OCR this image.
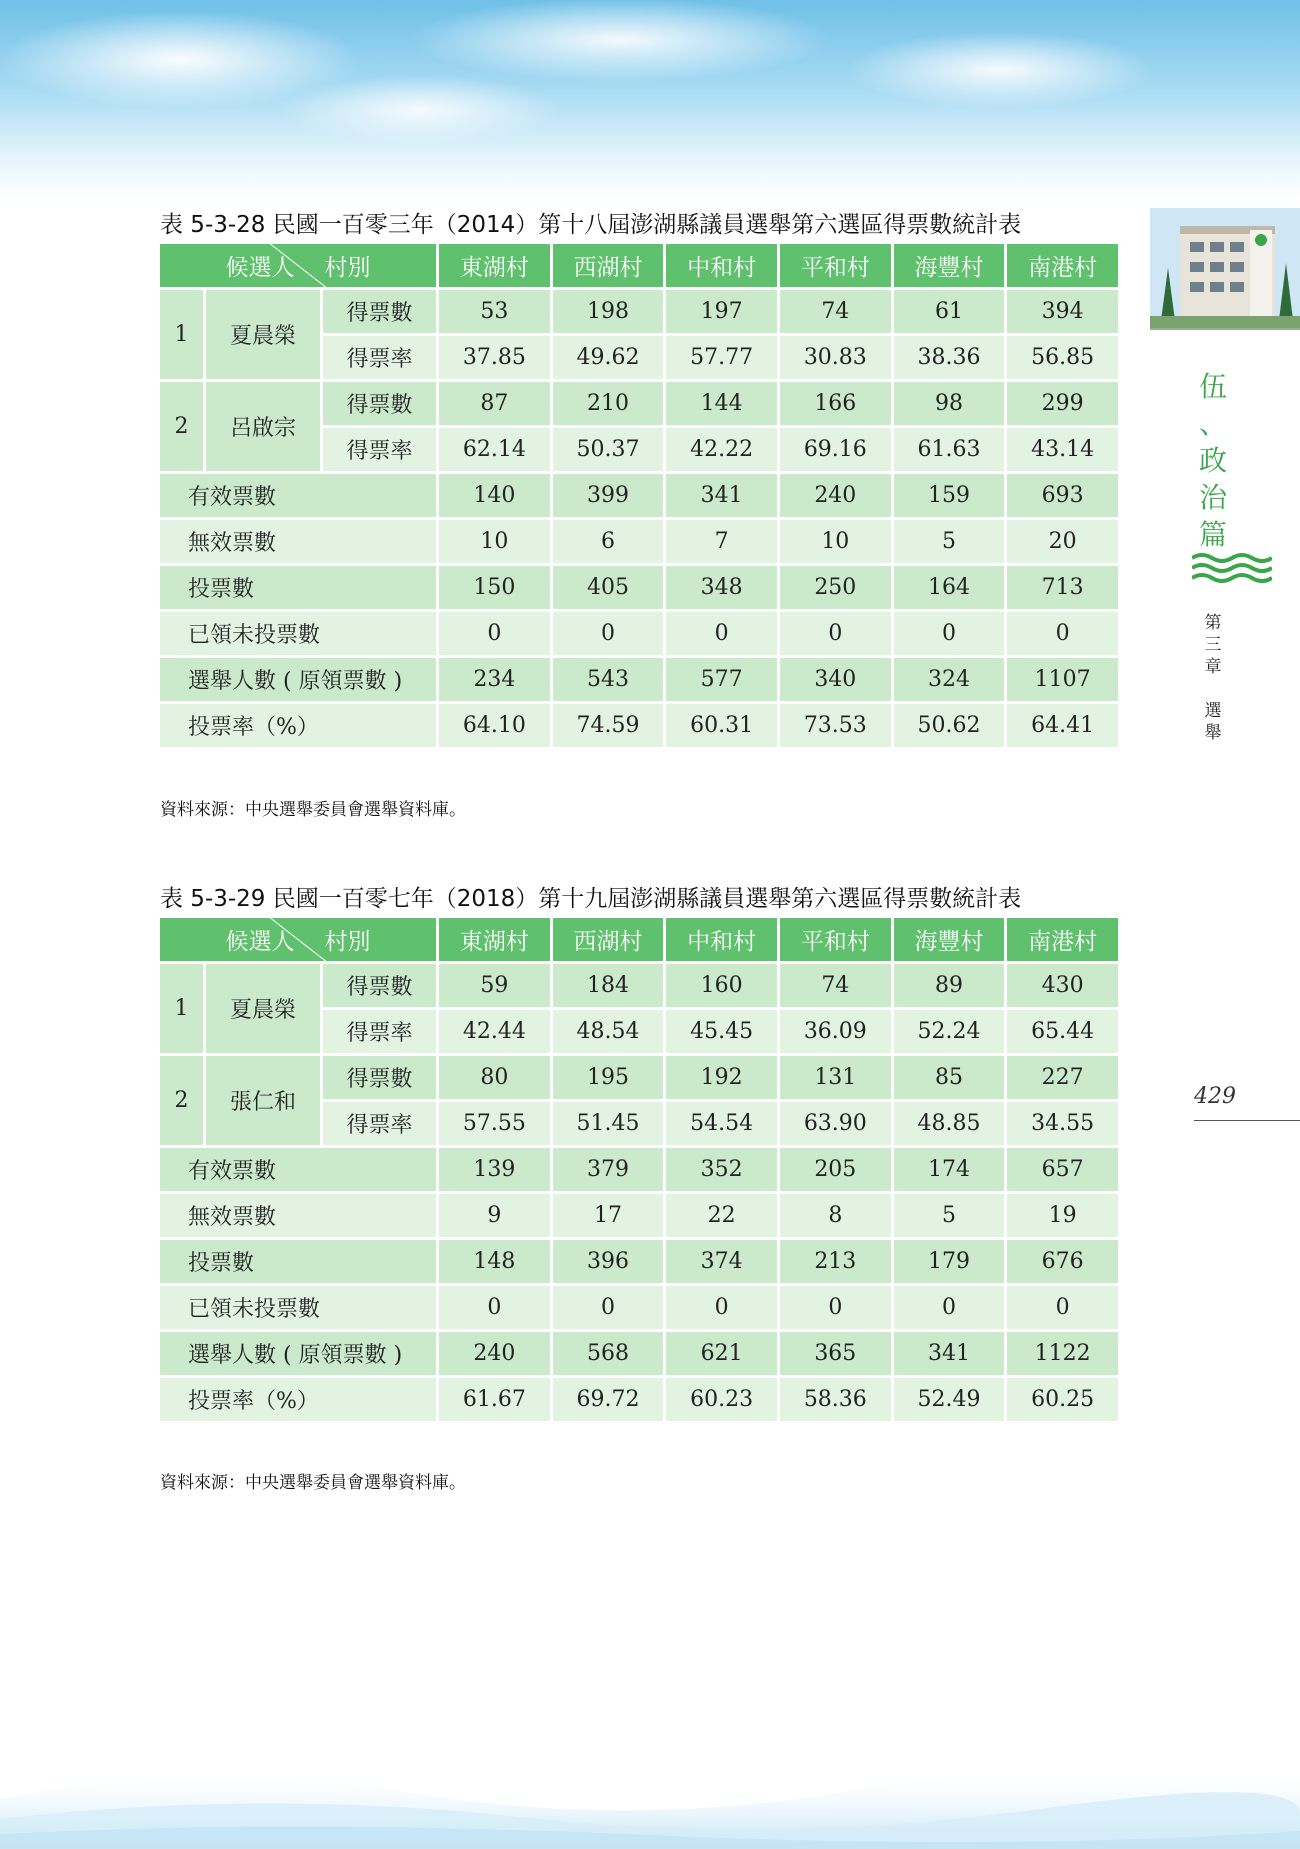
伍
、
政
治
篇
第
三
章
選
舉
429
表 5-3-28 民國一百零三年（2014）第十八屆澎湖縣議員選舉第六選區得票數統計表
候選人 村別			東湖村	西湖村	中和村	平和村	海豐村	南港村
1	夏晨榮	得票數	53	198	197	74	61	394
		得票率	37.85	49.62	57.77	30.83	38.36	56.85
2	呂啟宗	得票數	87	210	144	166	98	299
		得票率	62.14	50.37	42.22	69.16	61.63	43.14
有效票數			140	399	341	240	159	693
無效票數			10	6	7	10	5	20
投票數			150	405	348	250	164	713
已領未投票數			0	0	0	0	0	0
選舉人數 ( 原領票數 )			234	543	577	340	324	1107
投票率（%）			64.10	74.59	60.31	73.53	50.62	64.41
資料來源：中央選舉委員會選舉資料庫。
表 5-3-29 民國一百零七年（2018）第十九屆澎湖縣議員選舉第六選區得票數統計表
候選人 村別			東湖村	西湖村	中和村	平和村	海豐村	南港村
1	夏晨榮	得票數	59	184	160	74	89	430
		得票率	42.44	48.54	45.45	36.09	52.24	65.44
2	張仁和	得票數	80	195	192	131	85	227
		得票率	57.55	51.45	54.54	63.90	48.85	34.55
有效票數			139	379	352	205	174	657
無效票數			9	17	22	8	5	19
投票數			148	396	374	213	179	676
已領未投票數			0	0	0	0	0	0
選舉人數 ( 原領票數 )			240	568	621	365	341	1122
投票率（%）			61.67	69.72	60.23	58.36	52.49	60.25
資料來源：中央選舉委員會選舉資料庫。
